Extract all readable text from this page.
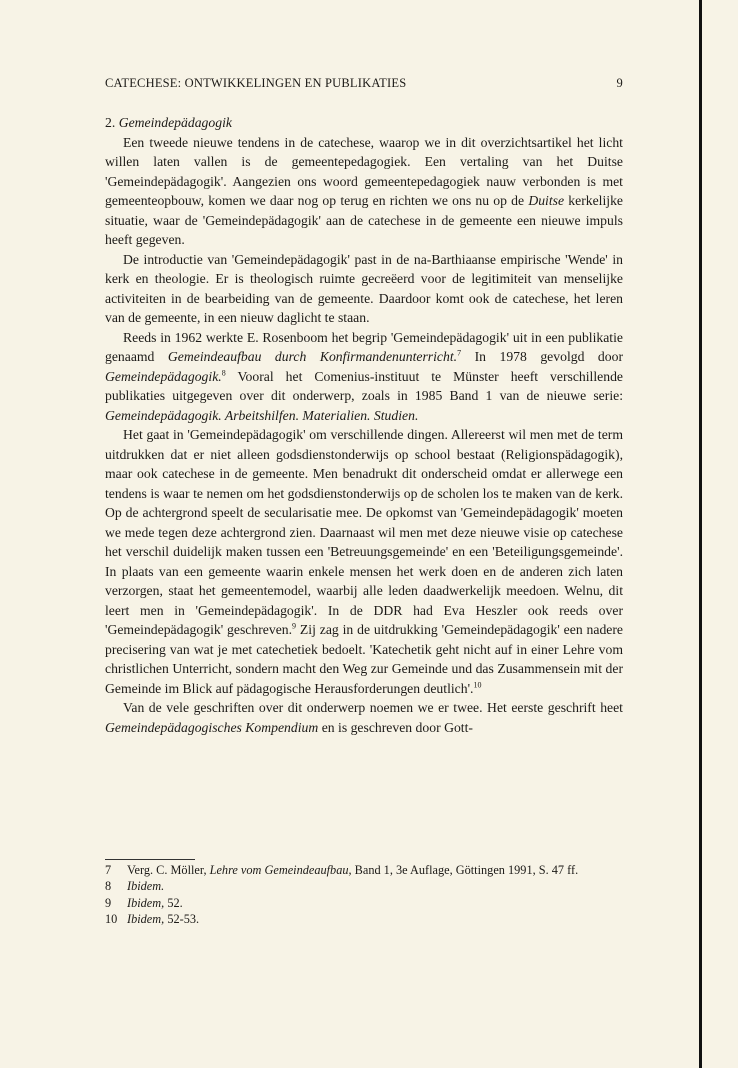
CATECHESE: ONTWIKKELINGEN EN PUBLIKATIES	9
2. Gemeindepädagogik

Een tweede nieuwe tendens in de catechese, waarop we in dit overzichtsartikel het licht willen laten vallen is de gemeentepedagogiek. Een vertaling van het Duitse 'Gemeindepädagogik'. Aangezien ons woord gemeentepedagogiek nauw verbonden is met gemeenteopbouw, komen we daar nog op terug en richten we ons nu op de Duitse kerkelijke situatie, waar de 'Gemeindepädagogik' aan de catechese in de gemeente een nieuwe impuls heeft gegeven.

De introductie van 'Gemeindepädagogik' past in de na-Barthiaanse empirische 'Wende' in kerk en theologie. Er is theologisch ruimte gecreëerd voor de legitimiteit van menselijke activiteiten in de bearbeiding van de gemeente. Daardoor komt ook de catechese, het leren van de gemeente, in een nieuw daglicht te staan.

Reeds in 1962 werkte E. Rosenboom het begrip 'Gemeindepädagogik' uit in een publikatie genaamd Gemeindeaufbau durch Konfirmandenunterricht.$^7$ In 1978 gevolgd door Gemeindepädagogik.$^8$ Vooral het Comenius-instituut te Münster heeft verschillende publikaties uitgegeven over dit onderwerp, zoals in 1985 Band 1 van de nieuwe serie: Gemeindepädagogik. Arbeitshilfen. Materialien. Studien.

Het gaat in 'Gemeindepädagogik' om verschillende dingen. Allereerst wil men met de term uitdrukken dat er niet alleen godsdienstonderwijs op school bestaat (Religionspädagogik), maar ook catechese in de gemeente. Men benadrukt dit onderscheid omdat er allerwege een tendens is waar te nemen om het godsdienstonderwijs op de scholen los te maken van de kerk. Op de achtergrond speelt de secularisatie mee. De opkomst van 'Gemeindepädagogik' moeten we mede tegen deze achtergrond zien. Daarnaast wil men met deze nieuwe visie op catechese het verschil duidelijk maken tussen een 'Betreuungsgemeinde' en een 'Beteiligungsgemeinde'. In plaats van een gemeente waarin enkele mensen het werk doen en de anderen zich laten verzorgen, staat het gemeentemodel, waarbij alle leden daadwerkelijk meedoen. Welnu, dit leert men in 'Gemeindepädagogik'. In de DDR had Eva Heszler ook reeds over 'Gemeindepädagogik' geschreven.$^9$ Zij zag in de uitdrukking 'Gemeindepädagogik' een nadere precisering van wat je met catechetiek bedoelt. 'Katechetik geht nicht auf in einer Lehre vom christlichen Unterricht, sondern macht den Weg zur Gemeinde und das Zusammensein mit der Gemeinde im Blick auf pädagogische Herausforderungen deutlich'.$^{10}$

Van de vele geschriften over dit onderwerp noemen we er twee. Het eerste geschrift heet Gemeindepädagogisches Kompendium en is geschreven door Gott-

7	Verg. C. Möller, Lehre vom Gemeindeaufbau, Band 1, 3e Auflage, Göttingen 1991, S. 47 ff.
8	Ibidem.
9	Ibidem, 52.
10 Ibidem, 52-53.
